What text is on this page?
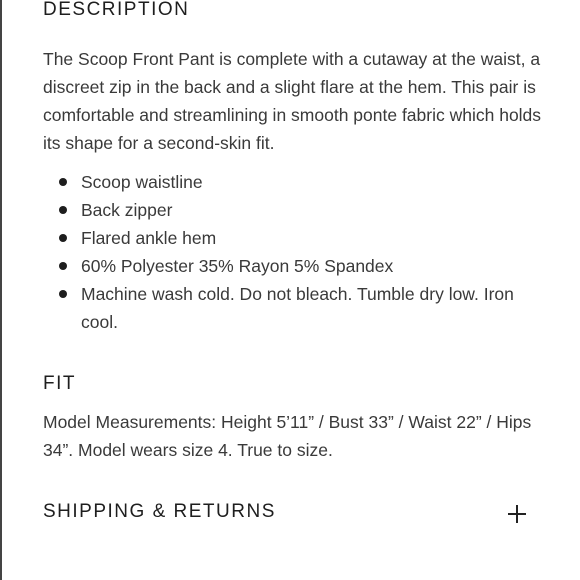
DESCRIPTION

The Scoop Front Pant is complete with a cutaway at the waist, a discreet zip in the back and a slight flare at the hem. This pair is comfortable and streamlining in smooth ponte fabric which holds its shape for a second-skin fit.

Scoop waistline
Back zipper
Flared ankle hem
60% Polyester 35% Rayon 5% Spandex
Machine wash cold. Do not bleach. Tumble dry low. Iron cool.
FIT

Model Measurements: Height 5’11” / Bust 33” / Waist 22” / Hips 34”. Model wears size 4. True to size.

SHIPPING & RETURNS
